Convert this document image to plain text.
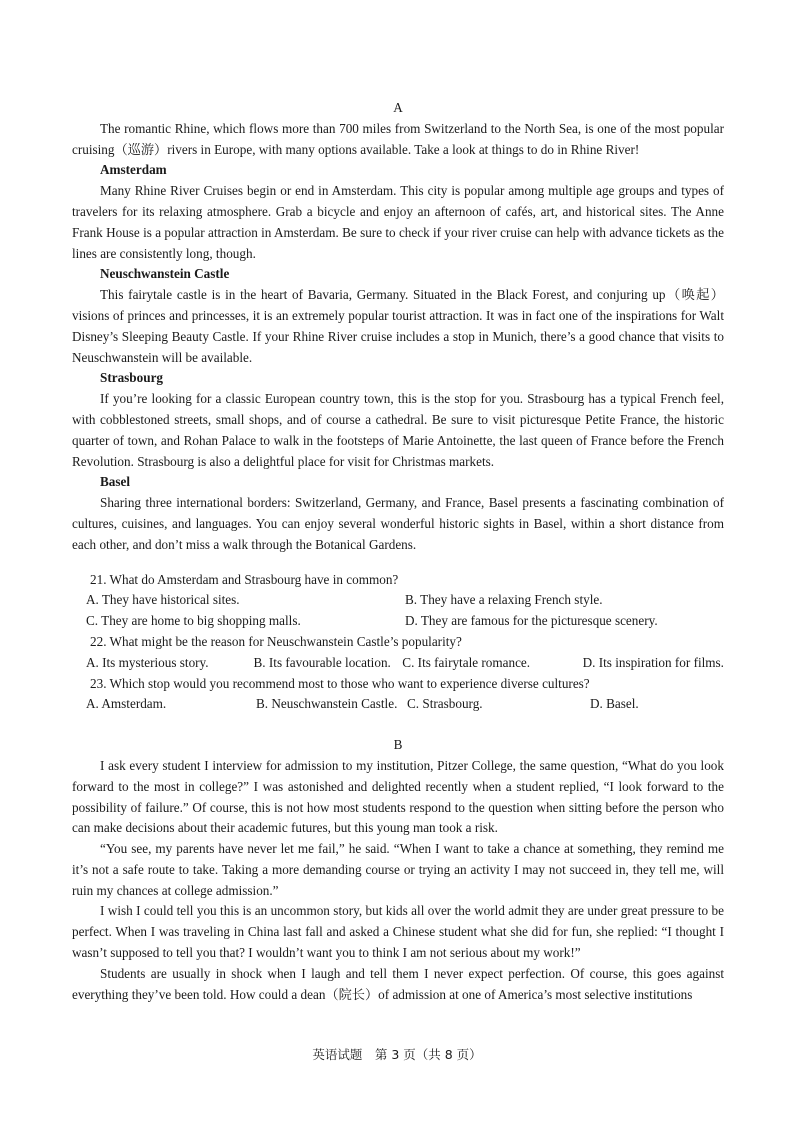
A

The romantic Rhine, which flows more than 700 miles from Switzerland to the North Sea, is one of the most popular cruising（巡游）rivers in Europe, with many options available. Take a look at things to do in Rhine River!

Amsterdam

Many Rhine River Cruises begin or end in Amsterdam. This city is popular among multiple age groups and types of travelers for its relaxing atmosphere. Grab a bicycle and enjoy an afternoon of cafés, art, and historical sites. The Anne Frank House is a popular attraction in Amsterdam. Be sure to check if your river cruise can help with advance tickets as the lines are consistently long, though.

Neuschwanstein Castle

This fairytale castle is in the heart of Bavaria, Germany. Situated in the Black Forest, and conjuring up（唤起）visions of princes and princesses, it is an extremely popular tourist attraction. It was in fact one of the inspirations for Walt Disney’s Sleeping Beauty Castle. If your Rhine River cruise includes a stop in Munich, there’s a good chance that visits to Neuschwanstein will be available.

Strasbourg

If you’re looking for a classic European country town, this is the stop for you. Strasbourg has a typical French feel, with cobblestoned streets, small shops, and of course a cathedral. Be sure to visit picturesque Petite France, the historic quarter of town, and Rohan Palace to walk in the footsteps of Marie Antoinette, the last queen of France before the French Revolution. Strasbourg is also a delightful place for visit for Christmas markets.

Basel

Sharing three international borders: Switzerland, Germany, and France, Basel presents a fascinating combination of cultures, cuisines, and languages. You can enjoy several wonderful historic sights in Basel, within a short distance from each other, and don’t miss a walk through the Botanical Gardens.

21. What do Amsterdam and Strasbourg have in common?
A. They have historical sites.	B. They have a relaxing French style.
C. They are home to big shopping malls.	D. They are famous for the picturesque scenery.
22. What might be the reason for Neuschwanstein Castle’s popularity?
A. Its mysterious story.	B. Its favourable location. C. Its fairytale romance.	D. Its inspiration for films.
23. Which stop would you recommend most to those who want to experience diverse cultures?
A. Amsterdam.	B. Neuschwanstein Castle. C. Strasbourg.	D. Basel.
B

I ask every student I interview for admission to my institution, Pitzer College, the same question, “What do you look forward to the most in college?” I was astonished and delighted recently when a student replied, “I look forward to the possibility of failure.” Of course, this is not how most students respond to the question when sitting before the person who can make decisions about their academic futures, but this young man took a risk.

“You see, my parents have never let me fail,” he said. “When I want to take a chance at something, they remind me it’s not a safe route to take. Taking a more demanding course or trying an activity I may not succeed in, they tell me, will ruin my chances at college admission.”

I wish I could tell you this is an uncommon story, but kids all over the world admit they are under great pressure to be perfect. When I was traveling in China last fall and asked a Chinese student what she did for fun, she replied: “I thought I wasn’t supposed to tell you that? I wouldn’t want you to think I am not serious about my work!”

Students are usually in shock when I laugh and tell them I never expect perfection. Of course, this goes against everything they’ve been told. How could a dean（院长）of admission at one of America’s most selective institutions

英语试题　第 3 页（共 8 页）
